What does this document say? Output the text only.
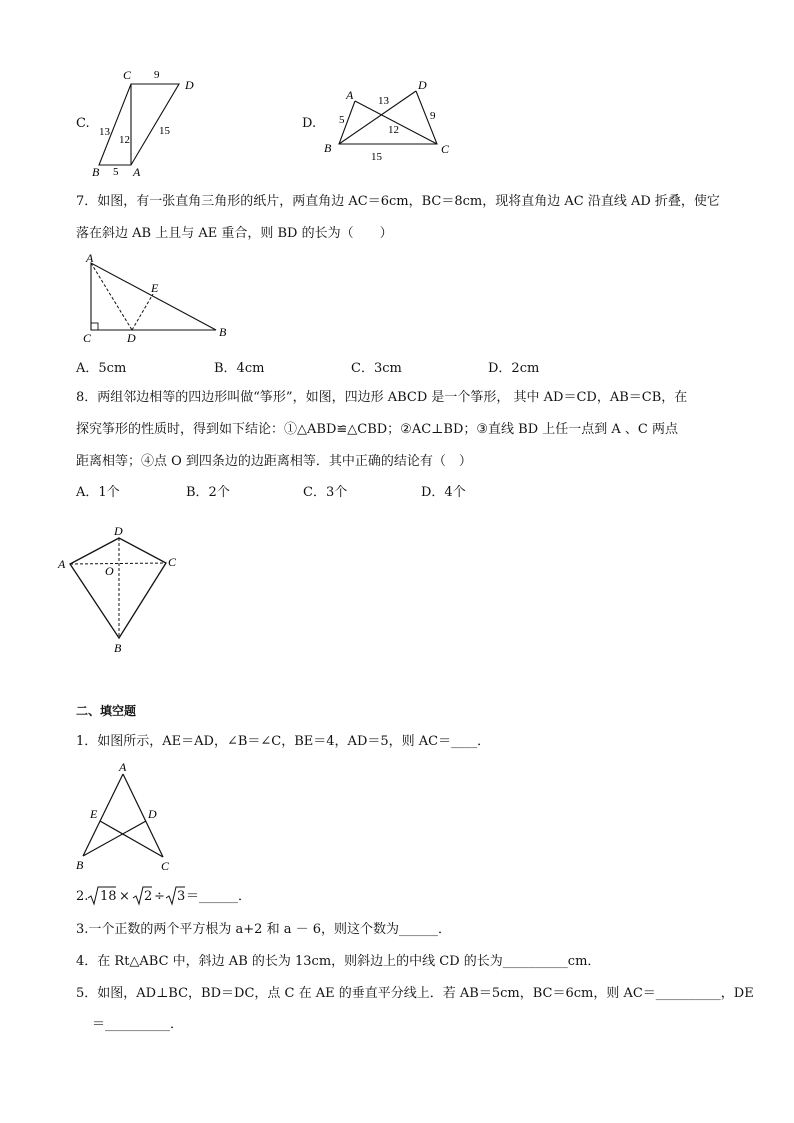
C.
C
D
B	A
9
13
12
15
5
D.
A
B	C
D
5
13
9
12
15
7．如图，有一张直角三角形的纸片，两直角边 AC＝6cm，BC＝8cm，现将直角边 AC 沿直线 AD 折叠，使它
落在斜边 AB 上且与 AE 重合，则 BD 的长为（　　）
A
E
C	D	B
A．5cm	B．4cm	C．3cm	D．2cm
8．两组邻边相等的四边形叫做“筝形”，如图，四边形 ABCD 是一个筝形， 其中 AD＝CD，AB＝CB，在
探究筝形的性质时，得到如下结论：①△ABD≌△CBD；②AC⊥BD；③直线 BD 上任一点到 A 、C 两点
距离相等；④点 O 到四条边的边距离相等．其中正确的结论有（　）
A．1个	B．2个	C．3个	D．4个
D
A	O
C
B
二、填空题
1．如图所示，AE＝AD，∠B＝∠C，BE＝4，AD＝5，则 AC＝____．
A
E	D
B	C
2. 18 × 2 ÷ 3 ＝______．
3.一个正数的两个平方根为 a+2 和 a － 6，则这个数为______．
4．在 Rt△ABC 中，斜边 AB 的长为 13cm，则斜边上的中线 CD 的长为__________cm．
5．如图，AD⊥BC，BD＝DC，点 C 在 AE 的垂直平分线上．若 AB＝5cm，BC＝6cm，则 AC＝__________，DE
＝__________．
